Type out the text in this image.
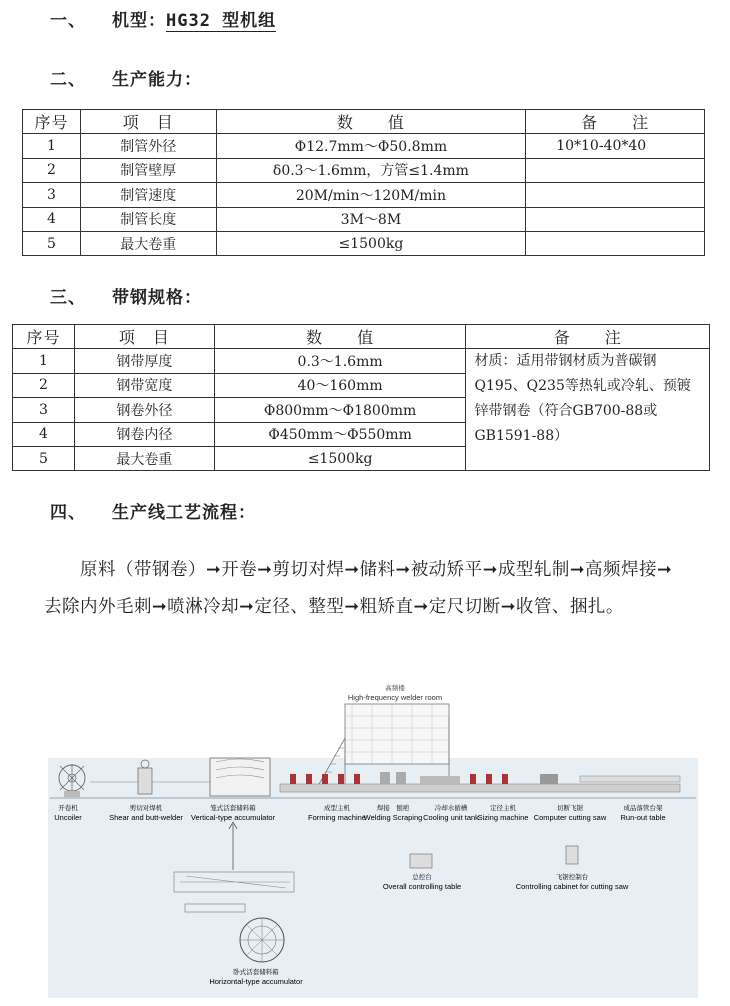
一、 机型：HG32 型机组
二、 生产能力：
序号	项　目	数　　值	备　　注
1	制管外径	Φ12.7mm～Φ50.8mm	10*10-40*40
2	制管壁厚	δ0.3～1.6mm，方管≤1.4mm	
3	制管速度	20M/min～120M/min	
4	制管长度	3M～8M	
5	最大卷重	≤1500kg	
三、 带钢规格：
序号	项　目	数　　值	备　　注
1	钢带厚度	0.3～1.6mm	材质：适用带钢材质为普碳钢Q195、Q235等热轧或冷轧、预镀锌带钢卷（符合GB700-88或GB1591-88）
2	钢带宽度	40～160mm	
3	钢卷外径	Φ800mm～Φ1800mm	
4	钢卷内径	Φ450mm～Φ550mm	
5	最大卷重	≤1500kg	
四、 生产线工艺流程：

原料（带钢卷）➞开卷➞剪切对焊➞储料➞被动矫平➞成型轧制➞高频焊接➞去除内外毛刺➞喷淋冷却➞定径、整型➞粗矫直➞定尺切断➞收管、捆扎。

高频楼
High-frequency welder room
开卷机
Uncoiler
剪切对焊机
Shear and butt-welder
笼式活套储料箱
Vertical-type accumulator
成型主机
Forming machine
焊接　刨疤
Welding Scraping
冷却水循槽
Cooling unit tank
定径主机
Sizing machine
切断飞锯
Computer cutting saw
成品落管台架
Run-out table
总控台
Overall controlling table
飞锯控制台
Controlling cabinet for cutting saw
卧式活套储料箱
Horizontal-type accumulator
